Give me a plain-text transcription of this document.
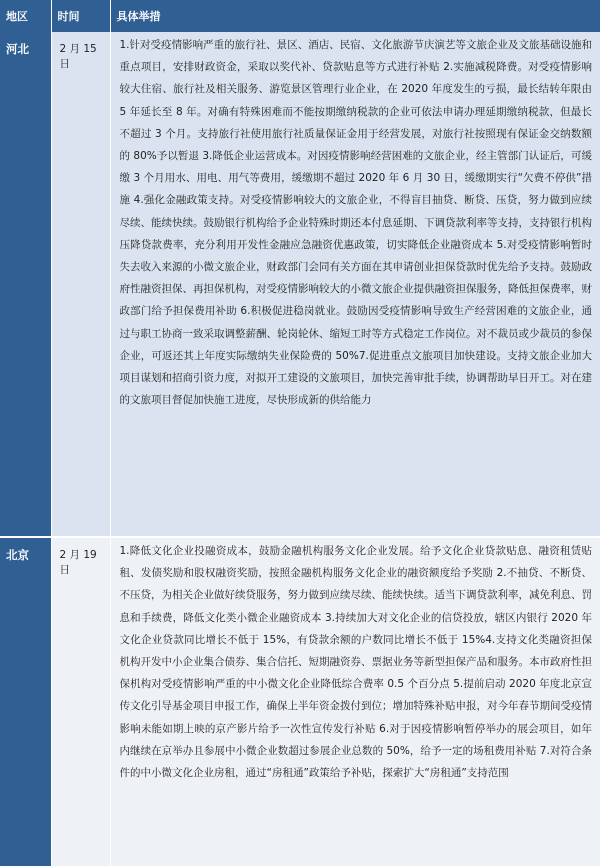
地区	时间	具体举措
河北	2 月 15 日	1.针对受疫情影响严重的旅行社、景区、酒店、民宿、文化旅游节庆演艺等文旅企业及文旅基础设施和重点项目，安排财政资金，采取以奖代补、贷款贴息等方式进行补贴 2.实施减税降费。对受疫情影响较大住宿、旅行社及相关服务、游览景区管理行业企业，在 2020 年度发生的亏损，最长结转年限由 5 年延长至 8 年。对确有特殊困难而不能按期缴纳税款的企业可依法申请办理延期缴纳税款，但最长不超过 3 个月。支持旅行社使用旅行社质量保证金用于经营发展，对旅行社按照现有保证金交纳数额的 80%予以暂退 3.降低企业运营成本。对因疫情影响经营困难的文旅企业，经主管部门认证后，可缓缴 3 个月用水、用电、用气等费用，缓缴期不超过 2020 年 6 月 30 日，缓缴期实行“欠费不停供”措施 4.强化金融政策支持。对受疫情影响较大的文旅企业，不得盲目抽贷、断贷、压贷，努力做到应续尽续、能续快续。鼓励银行机构给予企业特殊时期还本付息延期、下调贷款利率等支持，支持银行机构压降贷款费率，充分利用开发性金融应急融资优惠政策，切实降低企业融资成本 5.对受疫情影响暂时失去收入来源的小微文旅企业，财政部门会同有关方面在其申请创业担保贷款时优先给予支持。鼓励政府性融资担保、再担保机构，对受疫情影响较大的小微文旅企业提供融资担保服务，降低担保费率，财政部门给予担保费用补助 6.积极促进稳岗就业。鼓励因受疫情影响导致生产经营困难的文旅企业，通过与职工协商一致采取调整薪酬、轮岗轮休、缩短工时等方式稳定工作岗位。对不裁员或少裁员的参保企业，可返还其上年度实际缴纳失业保险费的 50%7.促进重点文旅项目加快建设。支持文旅企业加大项目谋划和招商引资力度，对拟开工建设的文旅项目，加快完善审批手续，协调帮助早日开工。对在建的文旅项目督促加快施工进度，尽快形成新的供给能力
北京	2 月 19 日	1.降低文化企业投融资成本，鼓励金融机构服务文化企业发展。给予文化企业贷款贴息、融资租赁贴租、发债奖励和股权融资奖励，按照金融机构服务文化企业的融资额度给予奖励 2.不抽贷、不断贷、不压贷，为相关企业做好续贷服务，努力做到应续尽续、能续快续。适当下调贷款利率，减免利息、罚息和手续费，降低文化类小微企业融资成本 3.持续加大对文化企业的信贷投放，辖区内银行 2020 年文化企业贷款同比增长不低于 15%，有贷款余额的户数同比增长不低于 15%4.支持文化类融资担保机构开发中小企业集合债券、集合信托、短期融资券、票据业务等新型担保产品和服务。本市政府性担保机构对受疫情影响严重的中小微文化企业降低综合费率 0.5 个百分点 5.提前启动 2020 年度北京宣传文化引导基金项目申报工作，确保上半年资金拨付到位；增加特殊补贴申报，对今年春节期间受疫情影响未能如期上映的京产影片给予一次性宣传发行补贴 6.对于因疫情影响暂停举办的展会项目，如年内继续在京举办且参展中小微企业数超过参展企业总数的 50%，给予一定的场租费用补贴 7.对符合条件的中小微文化企业房租，通过“房租通”政策给予补贴，探索扩大“房租通”支持范围
